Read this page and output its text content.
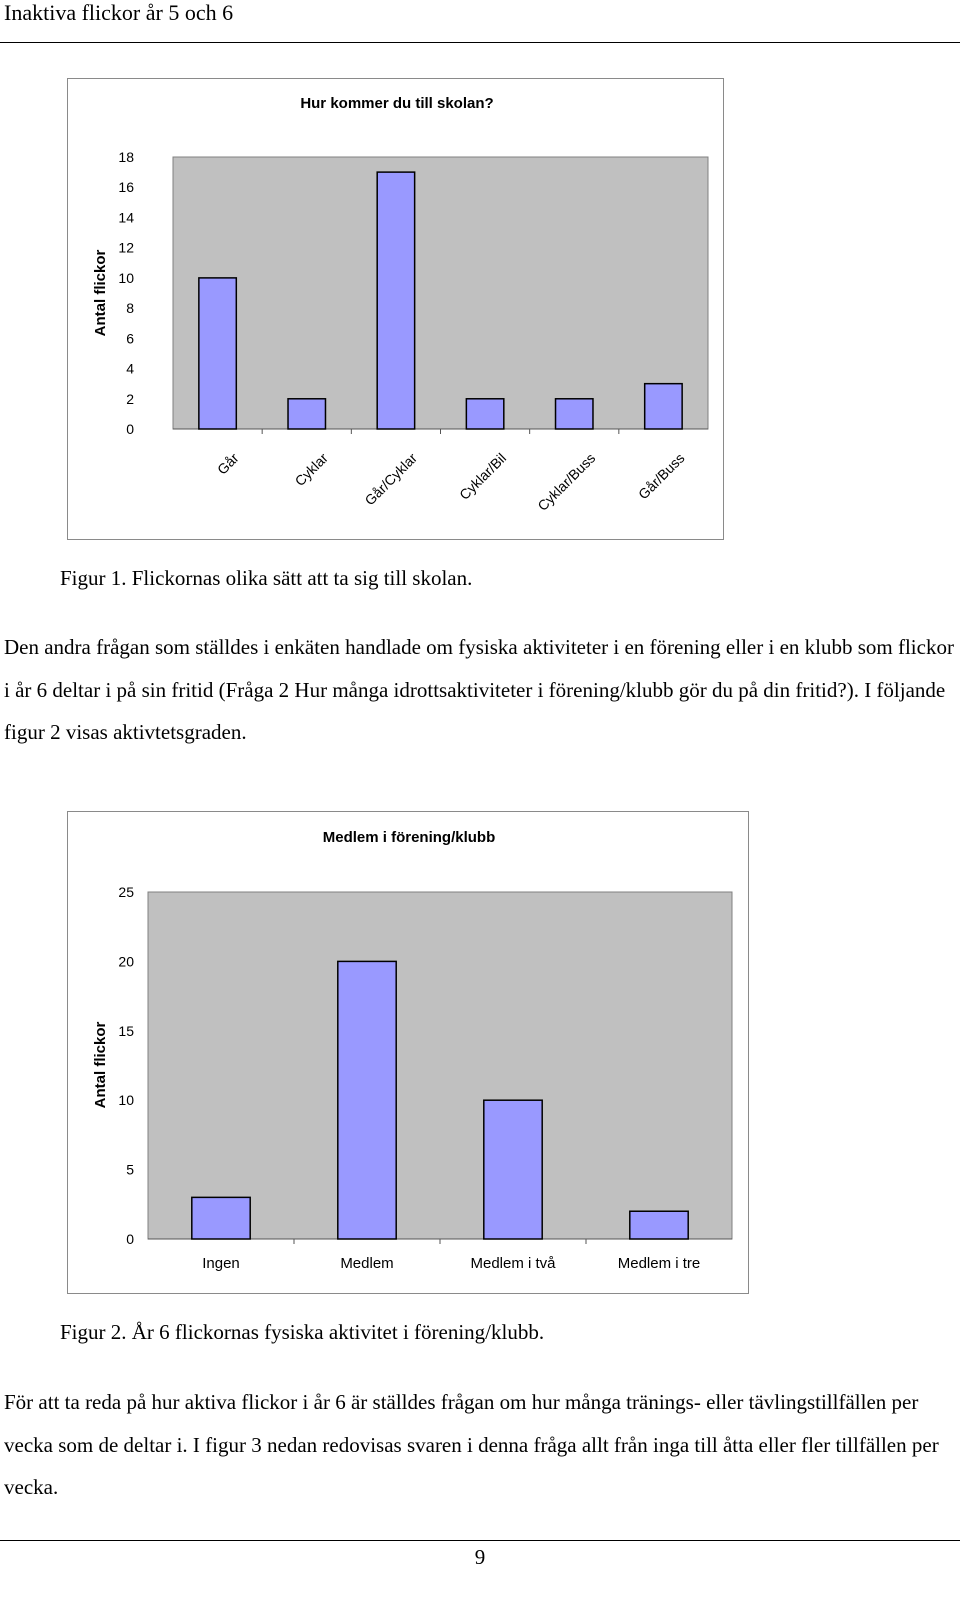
Inaktiva flickor år 5 och 6
Hur kommer du till skolan?
0
2
4
6
8
10
12
14
16
18
Antal flickor
Går	Cyklar Går/Cyklar	Cyklar/Bil Cyklar/Buss	Går/Buss
Figur 1. Flickornas olika sätt att ta sig till skolan.
Den andra frågan som ställdes i enkäten handlade om fysiska aktiviteter i en förening eller i en klubb som flickor i år 6 deltar i på sin fritid (Fråga 2 Hur många idrottsaktiviteter i förening/klubb gör du på din fritid?). I följande figur 2 visas aktivtetsgraden.
Medlem i förening/klubb
0
5
10
15
20
25
Antal flickor
Ingen	Medlem	Medlem i två	Medlem i tre
Figur 2. År 6 flickornas fysiska aktivitet i förening/klubb.
För att ta reda på hur aktiva flickor i år 6 är ställdes frågan om hur många tränings- eller tävlingstillfällen per vecka som de deltar i. I figur 3 nedan redovisas svaren i denna fråga allt från inga till åtta eller fler tillfällen per vecka.
9
